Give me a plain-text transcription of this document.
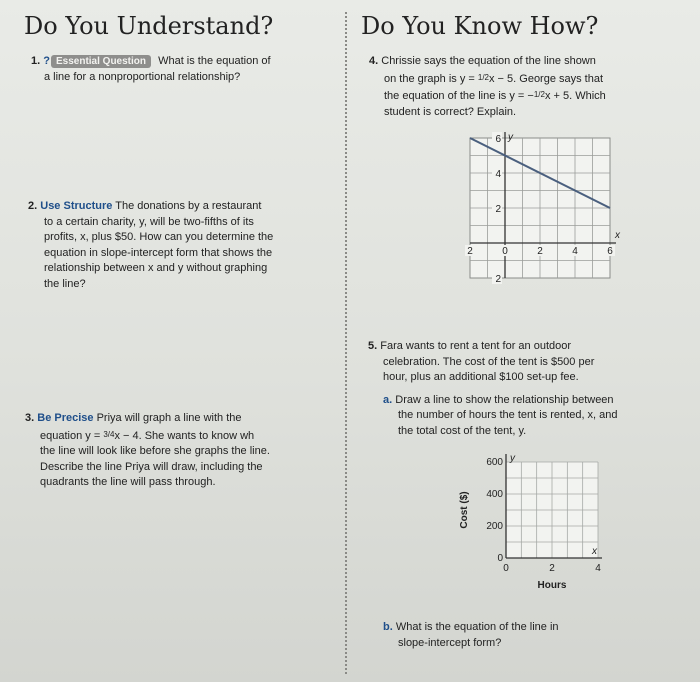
Do You Understand?	Do You Know How?
1. ? Essential Question What is the equation of
a line for a nonproportional relationship?
2. Use Structure The donations by a restaurant
to a certain charity, y, will be two-fifths of its
profits, x, plus $50. How can you determine the
equation in slope-intercept form that shows the
relationship between x and y without graphing
the line?
3. Be Precise Priya will graph a line with the
equation y = 3/4x − 4. She wants to know wh
the line will look like before she graphs the line.
Describe the line Priya will draw, including the
quadrants the line will pass through.
4. Chrissie says the equation of the line shown
on the graph is y = 1/2x − 5. George says that
the equation of the line is y = −1/2x + 5. Which
student is correct? Explain.
x
y
2	0	2	4	6
6
4
2
2
5. Fara wants to rent a tent for an outdoor
celebration. The cost of the tent is $500 per
hour, plus an additional $100 set-up fee.
a. Draw a line to show the relationship between
the number of hours the tent is rented, x, and
the total cost of the tent, y.
x
y
Hours
Cost ($)
0	2	4
600
400
200
0
b. What is the equation of the line in
slope-intercept form?
